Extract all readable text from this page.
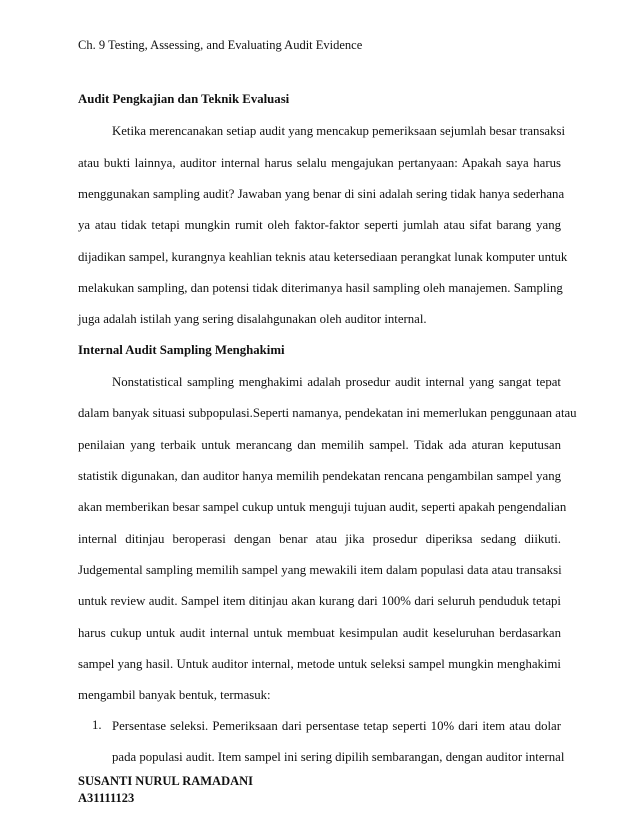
Ch. 9 Testing, Assessing, and Evaluating Audit Evidence
Audit Pengkajian dan Teknik Evaluasi
Ketika merencanakan setiap audit yang mencakup pemeriksaan sejumlah besar transaksi
atau bukti lainnya, auditor internal harus selalu mengajukan pertanyaan: Apakah saya harus
menggunakan sampling audit? Jawaban yang benar di sini adalah sering tidak hanya sederhana
ya atau tidak tetapi mungkin rumit oleh faktor-faktor seperti jumlah atau sifat barang yang
dijadikan sampel, kurangnya keahlian teknis atau ketersediaan perangkat lunak komputer untuk
melakukan sampling, dan potensi tidak diterimanya hasil sampling oleh manajemen. Sampling
juga adalah istilah yang sering disalahgunakan oleh auditor internal.
Internal Audit Sampling Menghakimi
Nonstatistical sampling menghakimi adalah prosedur audit internal yang sangat tepat
dalam banyak situasi subpopulasi.Seperti namanya, pendekatan ini memerlukan penggunaan atau
penilaian yang terbaik untuk merancang dan memilih sampel. Tidak ada aturan keputusan
statistik digunakan, dan auditor hanya memilih pendekatan rencana pengambilan sampel yang
akan memberikan besar sampel cukup untuk menguji tujuan audit, seperti apakah pengendalian
internal ditinjau beroperasi dengan benar atau jika prosedur diperiksa sedang diikuti.
Judgemental sampling memilih sampel yang mewakili item dalam populasi data atau transaksi
untuk review audit. Sampel item ditinjau akan kurang dari 100% dari seluruh penduduk tetapi
harus cukup untuk audit internal untuk membuat kesimpulan audit keseluruhan berdasarkan
sampel yang hasil. Untuk auditor internal, metode untuk seleksi sampel mungkin menghakimi
mengambil banyak bentuk, termasuk:
1. Persentase seleksi. Pemeriksaan dari persentase tetap seperti 10% dari item atau dolar
pada populasi audit. Item sampel ini sering dipilih sembarangan, dengan auditor internal
SUSANTI NURUL RAMADANI
A31111123
